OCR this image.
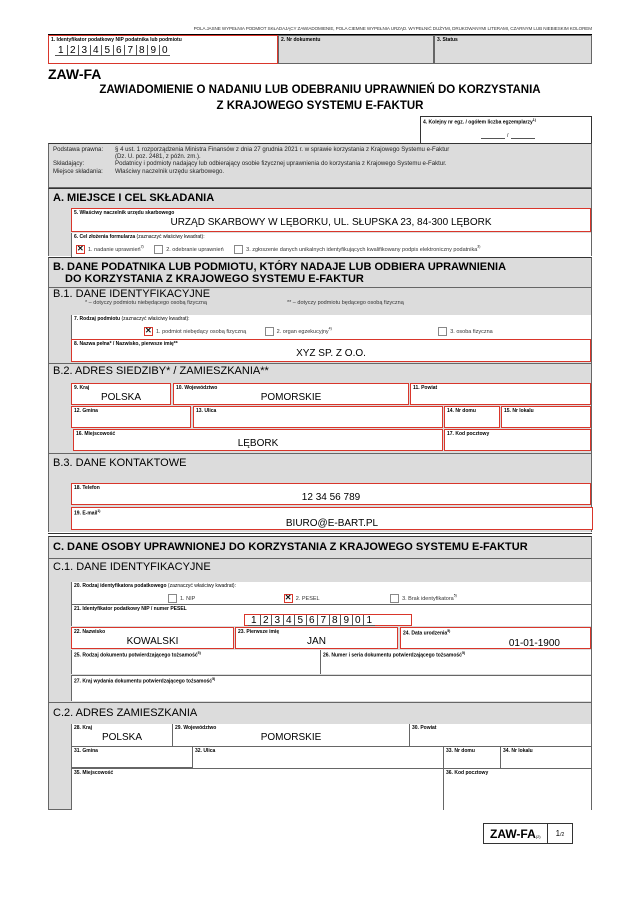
POLA JASNE WYPEŁNIA PODMIOT SKŁADAJĄCY ZAWIADOMIENIE, POLA CIEMNE WYPEŁNIA URZĄD. WYPEŁNIĆ DUŻYMI, DRUKOWANYMI LITERAMI, CZARNYM LUB NIEBIESKIM KOLOREM
1. Identyfikator podatkowy NIP podatnika lub podmiotu
1 2 3 4 5 6 7 8 9 0
2. Nr dokumentu	3. Status
ZAW-FA
ZAWIADOMIENIE O NADANIU LUB ODEBRANIU UPRAWNIEŃ DO KORZYSTANIA
Z KRAJOWEGO SYSTEMU E-FAKTUR
4. Kolejny nr egz. / ogółem liczba egzemplarzy$^{1)}$
/
Podstawa prawna:	§ 4 ust. 1 rozporządzenia Ministra Finansów z dnia 27 grudnia 2021 r. w sprawie korzystania z Krajowego Systemu e-Faktur
(Dz. U. poz. 2481, z późn. zm.).
Składający:	Podatnicy i podmioty nadający lub odbierający osobie fizycznej uprawnienia do korzystania z Krajowego Systemu e-Faktur.
Miejsce składania:	Właściwy naczelnik urzędu skarbowego.
A. MIEJSCE I CEL SKŁADANIA
5. Właściwy naczelnik urzędu skarbowego
URZĄD SKARBOWY W LĘBORKU, UL. SŁUPSKA 23, 84-300 LĘBORK
6. Cel złożenia formularza (zaznaczyć właściwy kwadrat):
✕1. nadanie uprawnień$^{2)}$ 2. odebranie uprawnień	3. zgłoszenie danych unikalnych identyfikujących kwalifikowany podpis elektroniczny podatnika$^{3)}$
B. DANE PODATNIKA LUB PODMIOTU, KTÓRY NADAJE LUB ODBIERA UPRAWNIENIA
DO KORZYSTANIA Z KRAJOWEGO SYSTEMU E-FAKTUR
B.1. DANE IDENTYFIKACYJNE
* – dotyczy podmiotu niebędącego osobą fizyczną	** – dotyczy podmiotu będącego osobą fizyczną
7. Rodzaj podmiotu (zaznaczyć właściwy kwadrat):
✕1. podmiot niebędący osobą fizyczną	2. organ egzekucyjny$^{4)}$ 3. osoba fizyczna
8. Nazwa pełna* / Nazwisko, pierwsze imię**
XYZ SP. Z O.O.
B.2. ADRES SIEDZIBY* / ZAMIESZKANIA**
9. Kraj
POLSKA
10. Województwo
POMORSKIE
11. Powiat
12. Gmina	13. Ulica	14. Nr domu	15. Nr lokalu
16. Miejscowość
LĘBORK
17. Kod pocztowy
B.3. DANE KONTAKTOWE
18. Telefon
12 34 56 789
19. E-mail$^{1)}$
BIURO@E-BART.PL
C. DANE OSOBY UPRAWNIONEJ DO KORZYSTANIA Z KRAJOWEGO SYSTEMU E-FAKTUR
C.1. DANE IDENTYFIKACYJNE
20. Rodzaj identyfikatora podatkowego (zaznaczyć właściwy kwadrat):
1. NIP ✕	2. PESEL	3. Brak identyfikatora$^{5)}$
21. Identyfikator podatkowy NIP / numer PESEL
1 2 3 4 5 6 7 8 9 0 1
22. Nazwisko
KOWALSKI
23. Pierwsze imię
JAN
24. Data urodzenia$^{5)}$
01-01-1900
25. Rodzaj dokumentu potwierdzającego tożsamość$^{5)}$	26. Numer i seria dokumentu potwierdzającego tożsamość$^{5)}$
27. Kraj wydania dokumentu potwierdzającego tożsamość$^{5)}$
C.2. ADRES ZAMIESZKANIA
28. Kraj
POLSKA
29. Województwo
POMORSKIE
30. Powiat
31. Gmina	32. Ulica	33. Nr domu	34. Nr lokalu
35. Miejscowość	36. Kod pocztowy
ZAW-FA(2)	1/2
